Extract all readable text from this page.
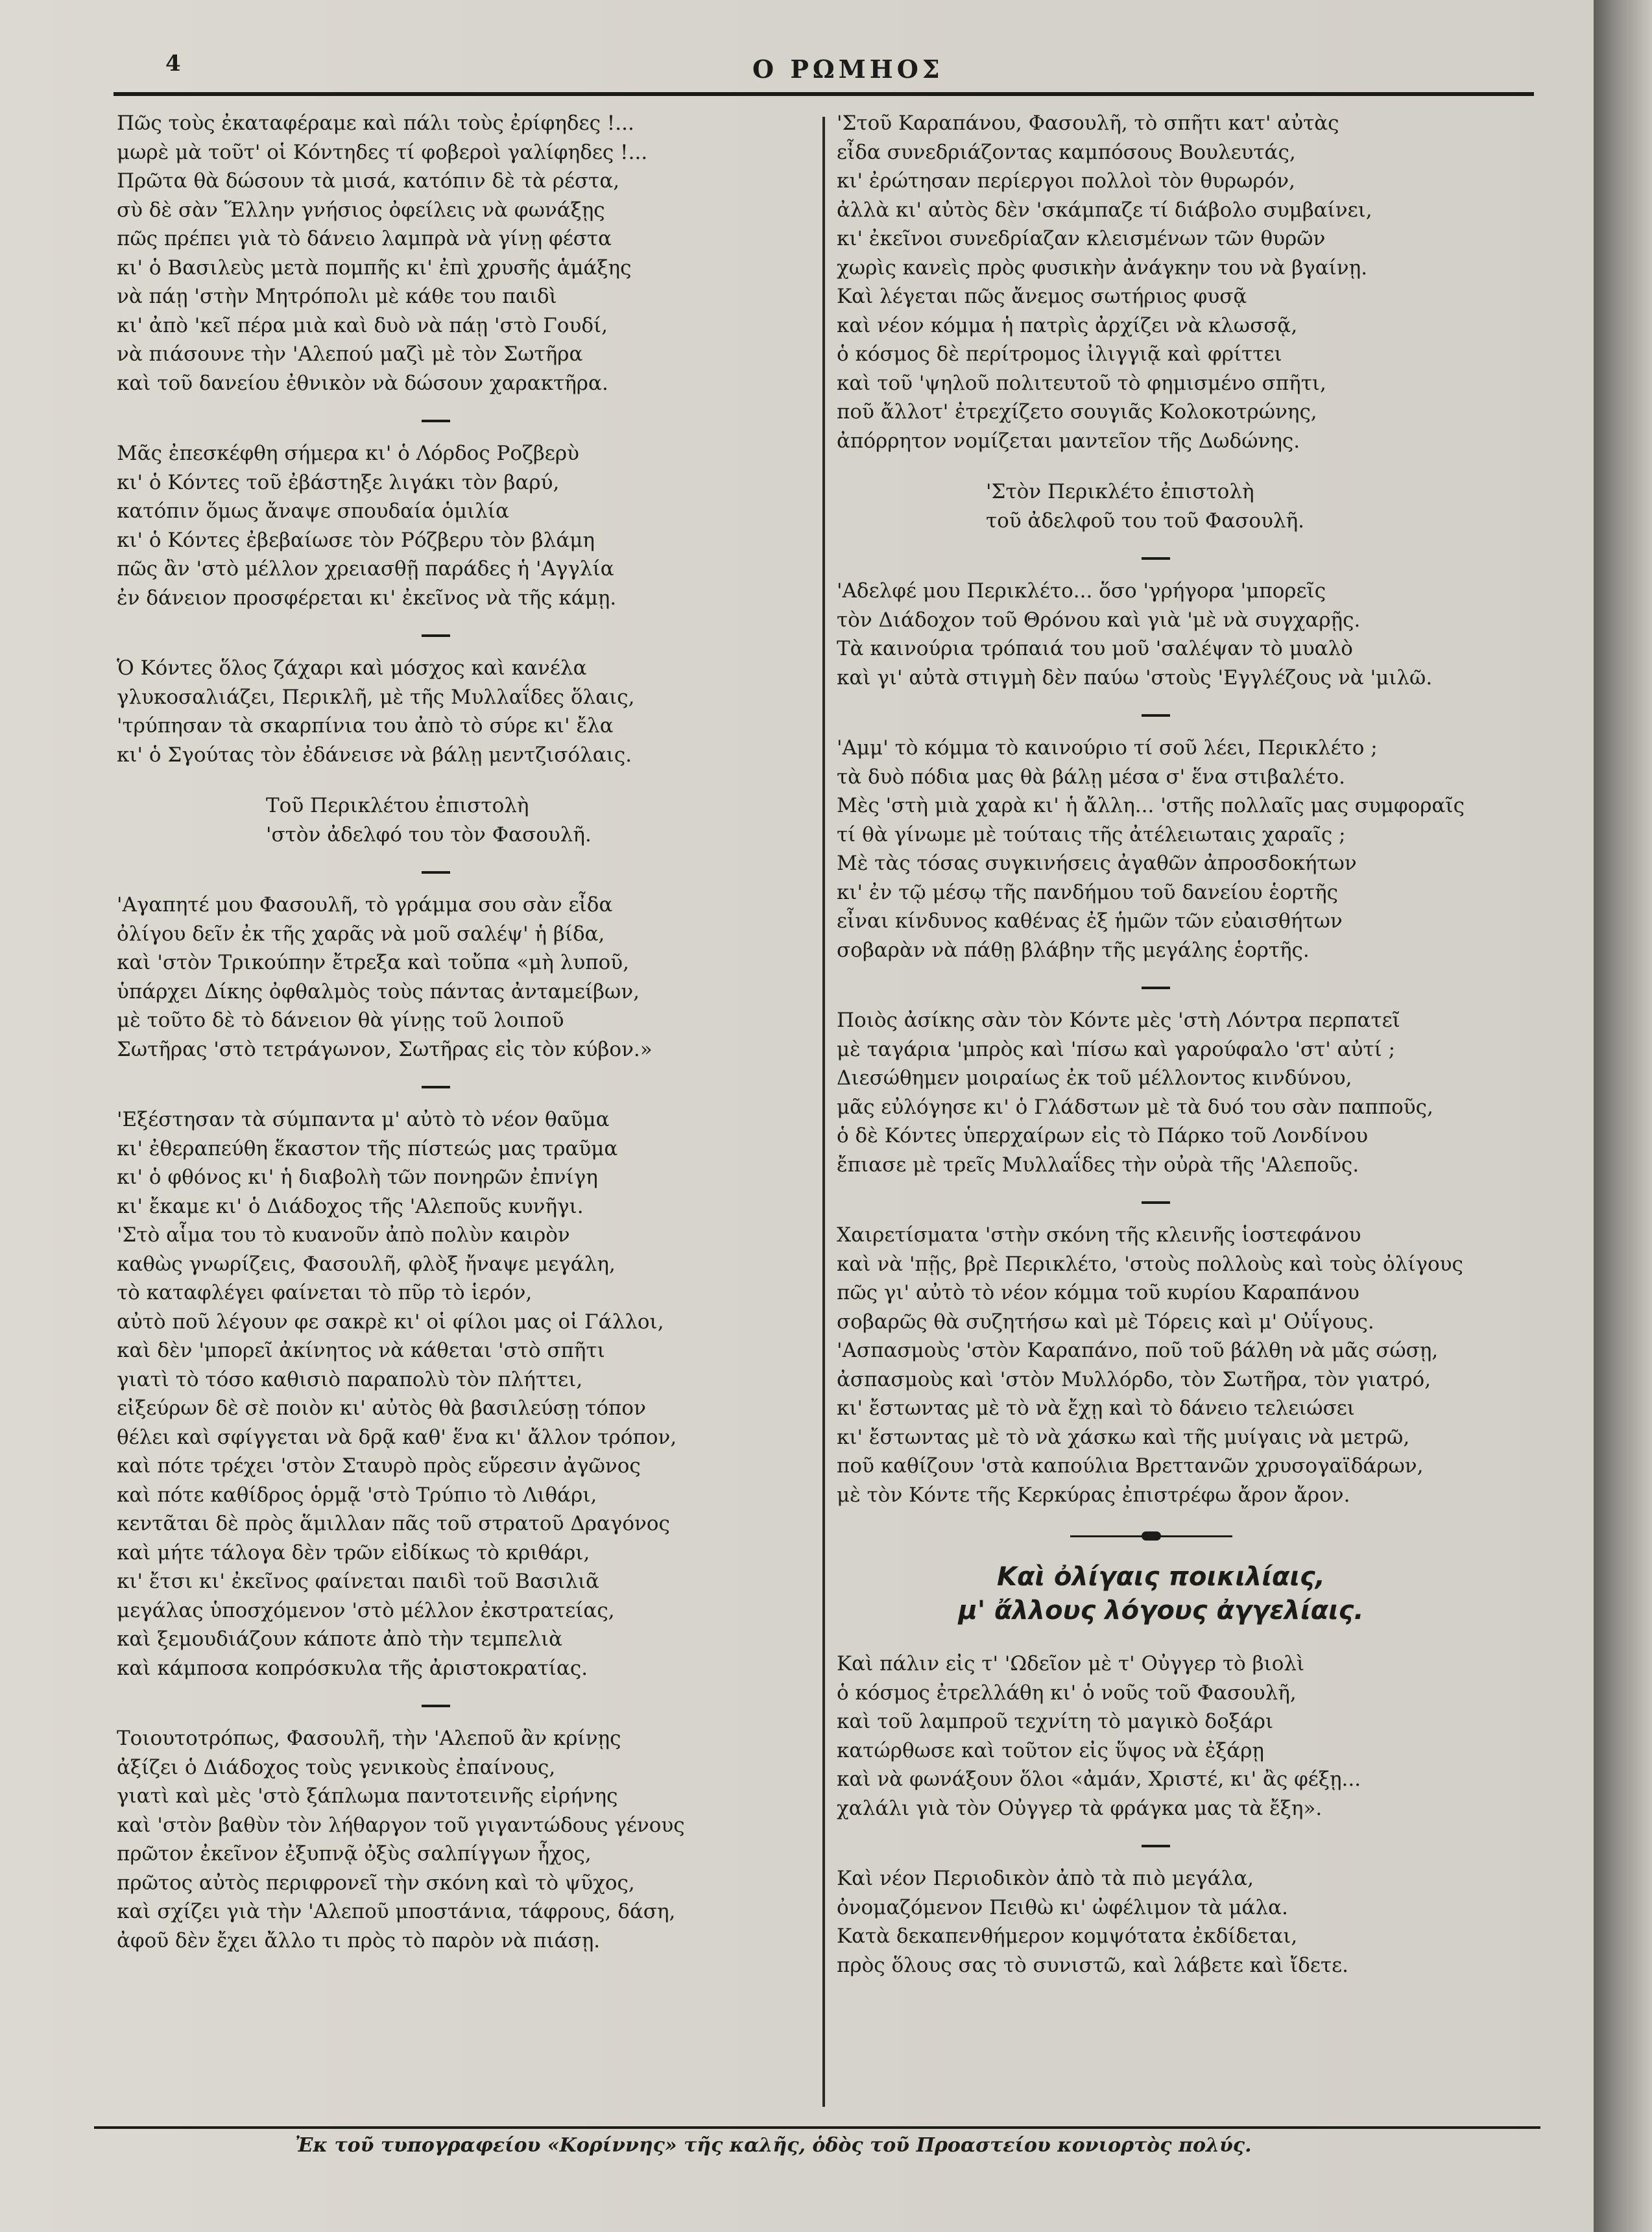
4	Ο ΡΩΜΗΟΣ
Πῶς τοὺς ἐκαταφέραμε καὶ πάλι τοὺς ἐρίφηδες !...
μωρὲ μὰ τοῦτ' οἱ Κόντηδες τί φοβεροὶ γαλίφηδες !...
Πρῶτα θὰ δώσουν τὰ μισά, κατόπιν δὲ τὰ ρέστα,
σὺ δὲ σὰν Ἕλλην γνήσιος ὀφείλεις νὰ φωνάξῃς
πῶς πρέπει γιὰ τὸ δάνειο λαμπρὰ νὰ γίνῃ φέστα
κι' ὁ Βασιλεὺς μετὰ πομπῆς κι' ἐπὶ χρυσῆς ἁμάξης
νὰ πάῃ 'στὴν Μητρόπολι μὲ κάθε του παιδὶ
κι' ἀπὸ 'κεῖ πέρα μιὰ καὶ δυὸ νὰ πάῃ 'στὸ Γουδί,
νὰ πιάσουνε τὴν 'Αλεπού μαζὶ μὲ τὸν Σωτῆρα
καὶ τοῦ δανείου ἐθνικὸν νὰ δώσουν χαρακτῆρα.
Μᾶς ἐπεσκέφθη σήμερα κι' ὁ Λόρδος Ροζβερὺ
κι' ὁ Κόντες τοῦ ἐβάστηξε λιγάκι τὸν βαρύ,
κατόπιν ὅμως ἄναψε σπουδαία ὁμιλία
κι' ὁ Κόντες ἐβεβαίωσε τὸν Ρόζβερυ τὸν βλάμη
πῶς ἂν 'στὸ μέλλον χρειασθῇ παράδες ἡ 'Αγγλία
ἐν δάνειον προσφέρεται κι' ἐκεῖνος νὰ τῆς κάμῃ.
Ὁ Κόντες ὅλος ζάχαρι καὶ μόσχος καὶ κανέλα
γλυκοσαλιάζει, Περικλῆ, μὲ τῆς Μυλλαΐδες ὅλαις,
'τρύπησαν τὰ σκαρπίνια του ἀπὸ τὸ σύρε κι' ἔλα
κι' ὁ Σγούτας τὸν ἐδάνεισε νὰ βάλῃ μεντζισόλαις.
Τοῦ Περικλέτου ἐπιστολὴ
'στὸν ἀδελφό του τὸν Φασουλῆ.
'Αγαπητέ μου Φασουλῆ, τὸ γράμμα σου σὰν εἶδα
ὀλίγου δεῖν ἐκ τῆς χαρᾶς νὰ μοῦ σαλέψ' ἡ βίδα,
καὶ 'στὸν Τρικούπην ἔτρεξα καὶ τοὔπα «μὴ λυποῦ,
ὑπάρχει Δίκης ὀφθαλμὸς τοὺς πάντας ἀνταμείβων,
μὲ τοῦτο δὲ τὸ δάνειον θὰ γίνῃς τοῦ λοιποῦ
Σωτῆρας 'στὸ τετράγωνον, Σωτῆρας εἰς τὸν κύβον.»
'Εξέστησαν τὰ σύμπαντα μ' αὐτὸ τὸ νέον θαῦμα
κι' ἐθεραπεύθη ἕκαστον τῆς πίστεώς μας τραῦμα
κι' ὁ φθόνος κι' ἡ διαβολὴ τῶν πονηρῶν ἐπνίγη
κι' ἔκαμε κι' ὁ Διάδοχος τῆς 'Αλεποῦς κυνῆγι.
'Στὸ αἷμα του τὸ κυανοῦν ἀπὸ πολὺν καιρὸν
καθὼς γνωρίζεις, Φασουλῆ, φλὸξ ἤναψε μεγάλη,
τὸ καταφλέγει φαίνεται τὸ πῦρ τὸ ἱερόν,
αὐτὸ ποῦ λέγουν φε σακρὲ κι' οἱ φίλοι μας οἱ Γάλλοι,
καὶ δὲν 'μπορεῖ ἀκίνητος νὰ κάθεται 'στὸ σπῆτι
γιατὶ τὸ τόσο καθισιὸ παραπολὺ τὸν πλήττει,
εἰξεύρων δὲ σὲ ποιὸν κι' αὐτὸς θὰ βασιλεύσῃ τόπον
θέλει καὶ σφίγγεται νὰ δρᾷ καθ' ἕνα κι' ἄλλον τρόπον,
καὶ πότε τρέχει 'στὸν Σταυρὸ πρὸς εὕρεσιν ἀγῶνος
καὶ πότε καθίδρος ὁρμᾷ 'στὸ Τρύπιο τὸ Λιθάρι,
κεντᾶται δὲ πρὸς ἅμιλλαν πᾶς τοῦ στρατοῦ Δραγόνος
καὶ μήτε τάλογα δὲν τρῶν εἰδίκως τὸ κριθάρι,
κι' ἔτσι κι' ἐκεῖνος φαίνεται παιδὶ τοῦ Βασιλιᾶ
μεγάλας ὑποσχόμενον 'στὸ μέλλον ἐκστρατείας,
καὶ ξεμουδιάζουν κάποτε ἀπὸ τὴν τεμπελιὰ
καὶ κάμποσα κοπρόσκυλα τῆς ἀριστοκρατίας.
Τοιουτοτρόπως, Φασουλῆ, τὴν 'Αλεποῦ ἂν κρίνῃς
ἀξίζει ὁ Διάδοχος τοὺς γενικοὺς ἐπαίνους,
γιατὶ καὶ μὲς 'στὸ ξάπλωμα παντοτεινῆς εἰρήνης
καὶ 'στὸν βαθὺν τὸν λήθαργον τοῦ γιγαντώδους γένους
πρῶτον ἐκεῖνον ἐξυπνᾷ ὀξὺς σαλπίγγων ἦχος,
πρῶτος αὐτὸς περιφρονεῖ τὴν σκόνη καὶ τὸ ψῦχος,
καὶ σχίζει γιὰ τὴν 'Αλεποῦ μποστάνια, τάφρους, δάση,
ἀφοῦ δὲν ἔχει ἄλλο τι πρὸς τὸ παρὸν νὰ πιάσῃ.
'Στοῦ Καραπάνου, Φασουλῆ, τὸ σπῆτι κατ' αὐτὰς
εἶδα συνεδριάζοντας καμπόσους Βουλευτάς,
κι' ἐρώτησαν περίεργοι πολλοὶ τὸν θυρωρόν,
ἀλλὰ κι' αὐτὸς δὲν 'σκάμπαζε τί διάβολο συμβαίνει,
κι' ἐκεῖνοι συνεδρίαζαν κλεισμένων τῶν θυρῶν
χωρὶς κανεὶς πρὸς φυσικὴν ἀνάγκην του νὰ βγαίνῃ.
Καὶ λέγεται πῶς ἄνεμος σωτήριος φυσᾷ
καὶ νέον κόμμα ἡ πατρὶς ἀρχίζει νὰ κλωσσᾷ,
ὁ κόσμος δὲ περίτρομος ἰλιγγιᾷ καὶ φρίττει
καὶ τοῦ 'ψηλοῦ πολιτευτοῦ τὸ φημισμένο σπῆτι,
ποῦ ἄλλοτ' ἐτρεχίζετο σουγιᾶς Κολοκοτρώνης,
ἀπόρρητον νομίζεται μαντεῖον τῆς Δωδώνης.
'Στὸν Περικλέτο ἐπιστολὴ
τοῦ ἀδελφοῦ του τοῦ Φασουλῆ.
'Αδελφέ μου Περικλέτο... ὅσο 'γρήγορα 'μπορεῖς
τὸν Διάδοχον τοῦ Θρόνου καὶ γιὰ 'μὲ νὰ συγχαρῇς.
Τὰ καινούρια τρόπαιά του μοῦ 'σαλέψαν τὸ μυαλὸ
καὶ γι' αὐτὰ στιγμὴ δὲν παύω 'στοὺς 'Εγγλέζους νὰ 'μιλῶ.
'Αμμ' τὸ κόμμα τὸ καινούριο τί σοῦ λέει, Περικλέτο ;
τὰ δυὸ πόδια μας θὰ βάλῃ μέσα σ' ἕνα στιβαλέτο.
Μὲς 'στὴ μιὰ χαρὰ κι' ἡ ἄλλη... 'στῆς πολλαῖς μας συμφοραῖς
τί θὰ γίνωμε μὲ τούταις τῆς ἀτέλειωταις χαραῖς ;
Μὲ τὰς τόσας συγκινήσεις ἀγαθῶν ἀπροσδοκήτων
κι' ἐν τῷ μέσῳ τῆς πανδήμου τοῦ δανείου ἑορτῆς
εἶναι κίνδυνος καθένας ἐξ ἡμῶν τῶν εὐαισθήτων
σοβαρὰν νὰ πάθῃ βλάβην τῆς μεγάλης ἑορτῆς.
Ποιὸς ἀσίκης σὰν τὸν Κόντε μὲς 'στὴ Λόντρα περπατεῖ
μὲ ταγάρια 'μπρὸς καὶ 'πίσω καὶ γαρούφαλο 'στ' αὐτί ;
Διεσώθημεν μοιραίως ἐκ τοῦ μέλλοντος κινδύνου,
μᾶς εὐλόγησε κι' ὁ Γλάδστων μὲ τὰ δυό του σὰν παπποῦς,
ὁ δὲ Κόντες ὑπερχαίρων εἰς τὸ Πάρκο τοῦ Λονδίνου
ἔπιασε μὲ τρεῖς Μυλλαΐδες τὴν οὐρὰ τῆς 'Αλεποῦς.
Χαιρετίσματα 'στὴν σκόνη τῆς κλεινῆς ἱοστεφάνου
καὶ νὰ 'πῇς, βρὲ Περικλέτο, 'στοὺς πολλοὺς καὶ τοὺς ὀλίγους
πῶς γι' αὐτὸ τὸ νέον κόμμα τοῦ κυρίου Καραπάνου
σοβαρῶς θὰ συζητήσω καὶ μὲ Τόρεις καὶ μ' Οὐΐγους.
'Ασπασμοὺς 'στὸν Καραπάνο, ποῦ τοῦ βάλθη νὰ μᾶς σώσῃ,
ἀσπασμοὺς καὶ 'στὸν Μυλλόρδο, τὸν Σωτῆρα, τὸν γιατρό,
κι' ἔστωντας μὲ τὸ νὰ ἔχῃ καὶ τὸ δάνειο τελειώσει
κι' ἔστωντας μὲ τὸ νὰ χάσκω καὶ τῆς μυίγαις νὰ μετρῶ,
ποῦ καθίζουν 'στὰ καπούλια Βρεττανῶν χρυσογαϊδάρων,
μὲ τὸν Κόντε τῆς Κερκύρας ἐπιστρέφω ἄρον ἄρον.
Καὶ ὀλίγαις ποικιλίαις,
μ' ἄλλους λόγους ἀγγελίαις.
Καὶ πάλιν εἰς τ' 'Ωδεῖον μὲ τ' Οὐγγερ τὸ βιολὶ
ὁ κόσμος ἐτρελλάθη κι' ὁ νοῦς τοῦ Φασουλῆ,
καὶ τοῦ λαμπροῦ τεχνίτη τὸ μαγικὸ δοξάρι
κατώρθωσε καὶ τοῦτον εἰς ὕψος νὰ ἐξάρῃ
καὶ νὰ φωνάξουν ὅλοι «ἀμάν, Χριστέ, κι' ἂς φέξῃ...
χαλάλι γιὰ τὸν Οὐγγερ τὰ φράγκα μας τὰ ἔξη».
Καὶ νέον Περιοδικὸν ἀπὸ τὰ πιὸ μεγάλα,
ὀνομαζόμενον Πειθὼ κι' ὠφέλιμον τὰ μάλα.
Κατὰ δεκαπενθήμερον κομψότατα ἐκδίδεται,
πρὸς ὅλους σας τὸ συνιστῶ, καὶ λάβετε καὶ ἴδετε.
Ἐκ τοῦ τυπογραφείου «Κορίννης» τῆς καλῆς, ὁδὸς τοῦ Προαστείου κονιορτὸς πολύς.
